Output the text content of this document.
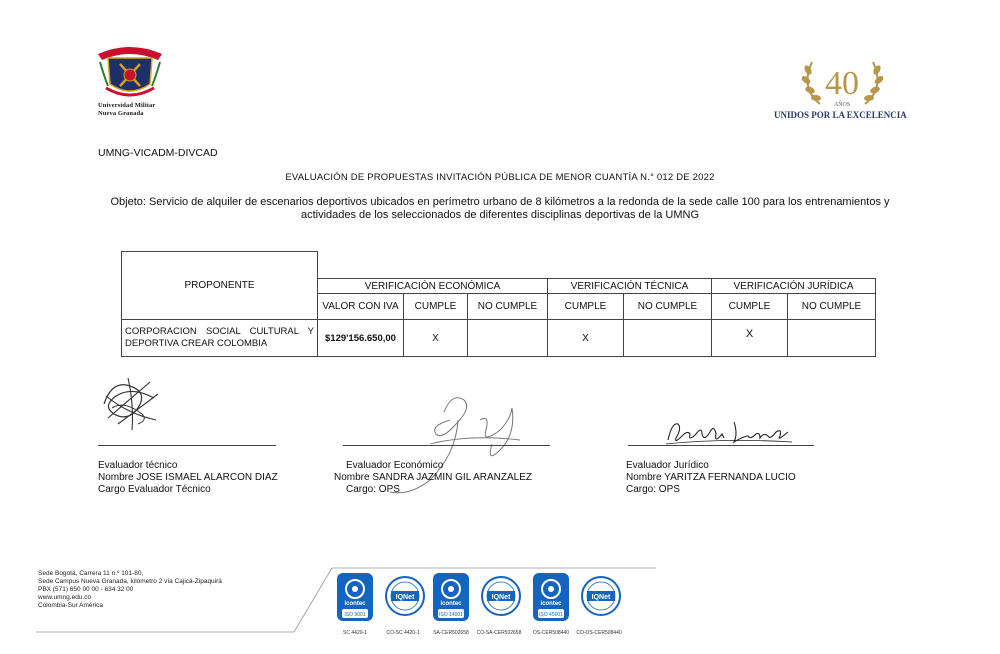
Universidad Militar
Nueva Granada
40
AÑOS
UNIDOS POR LA EXCELENCIA
UMNG-VICADM-DIVCAD
EVALUACIÓN DE PROPUESTAS INVITACIÓN PÚBLICA DE MENOR CUANTÍA N.° 012 DE 2022
Objeto: Servicio de alquiler de escenarios deportivos ubicados en perímetro urbano de 8 kilómetros a la redonda de la sede calle 100 para los entrenamientos y actividades de los seleccionados de diferentes disciplinas deportivas de la UMNG
PROPONENTE							
	VERIFICACIÓN ECONÓMICA			VERIFICACIÓN TÉCNICA		VERIFICACIÓN JURÍDICA	
	VALOR CON IVA	CUMPLE	NO CUMPLE	CUMPLE	NO CUMPLE	CUMPLE	NO CUMPLE
CORPORACION SOCIAL CULTURAL Y DEPORTIVA CREAR COLOMBIA	$129'156.650,00	X		X		X	
Evaluador técnico
Nombre JOSE ISMAEL ALARCON DIAZ
Cargo Evaluador Técnico
Evaluador Económico
Nombre SANDRA JAZMIN GIL ARANZALEZ
Cargo: OPS
Evaluador Jurídico
Nombre YARITZA FERNANDA LUCIO
Cargo: OPS
Sede Bogotá, Carrera 11 n.º 101-80,
Sede Campus Nueva Granada, kilómetro 2 vía Cajicá-Zipaquirá
PBX (571) 650 00 00 - 634 32 00
www.umng.edu.co
Colombia-Sur América	icontec
ISO 9001
SC 4420-1
IQNet
CO-SC 4420-1
icontec
ISO 14001
SA-CER502658
IQNet
CO-SA-CER502658
icontec
ISO 45001
OS-CER508440
IQNet
CO-OS-CER508440
